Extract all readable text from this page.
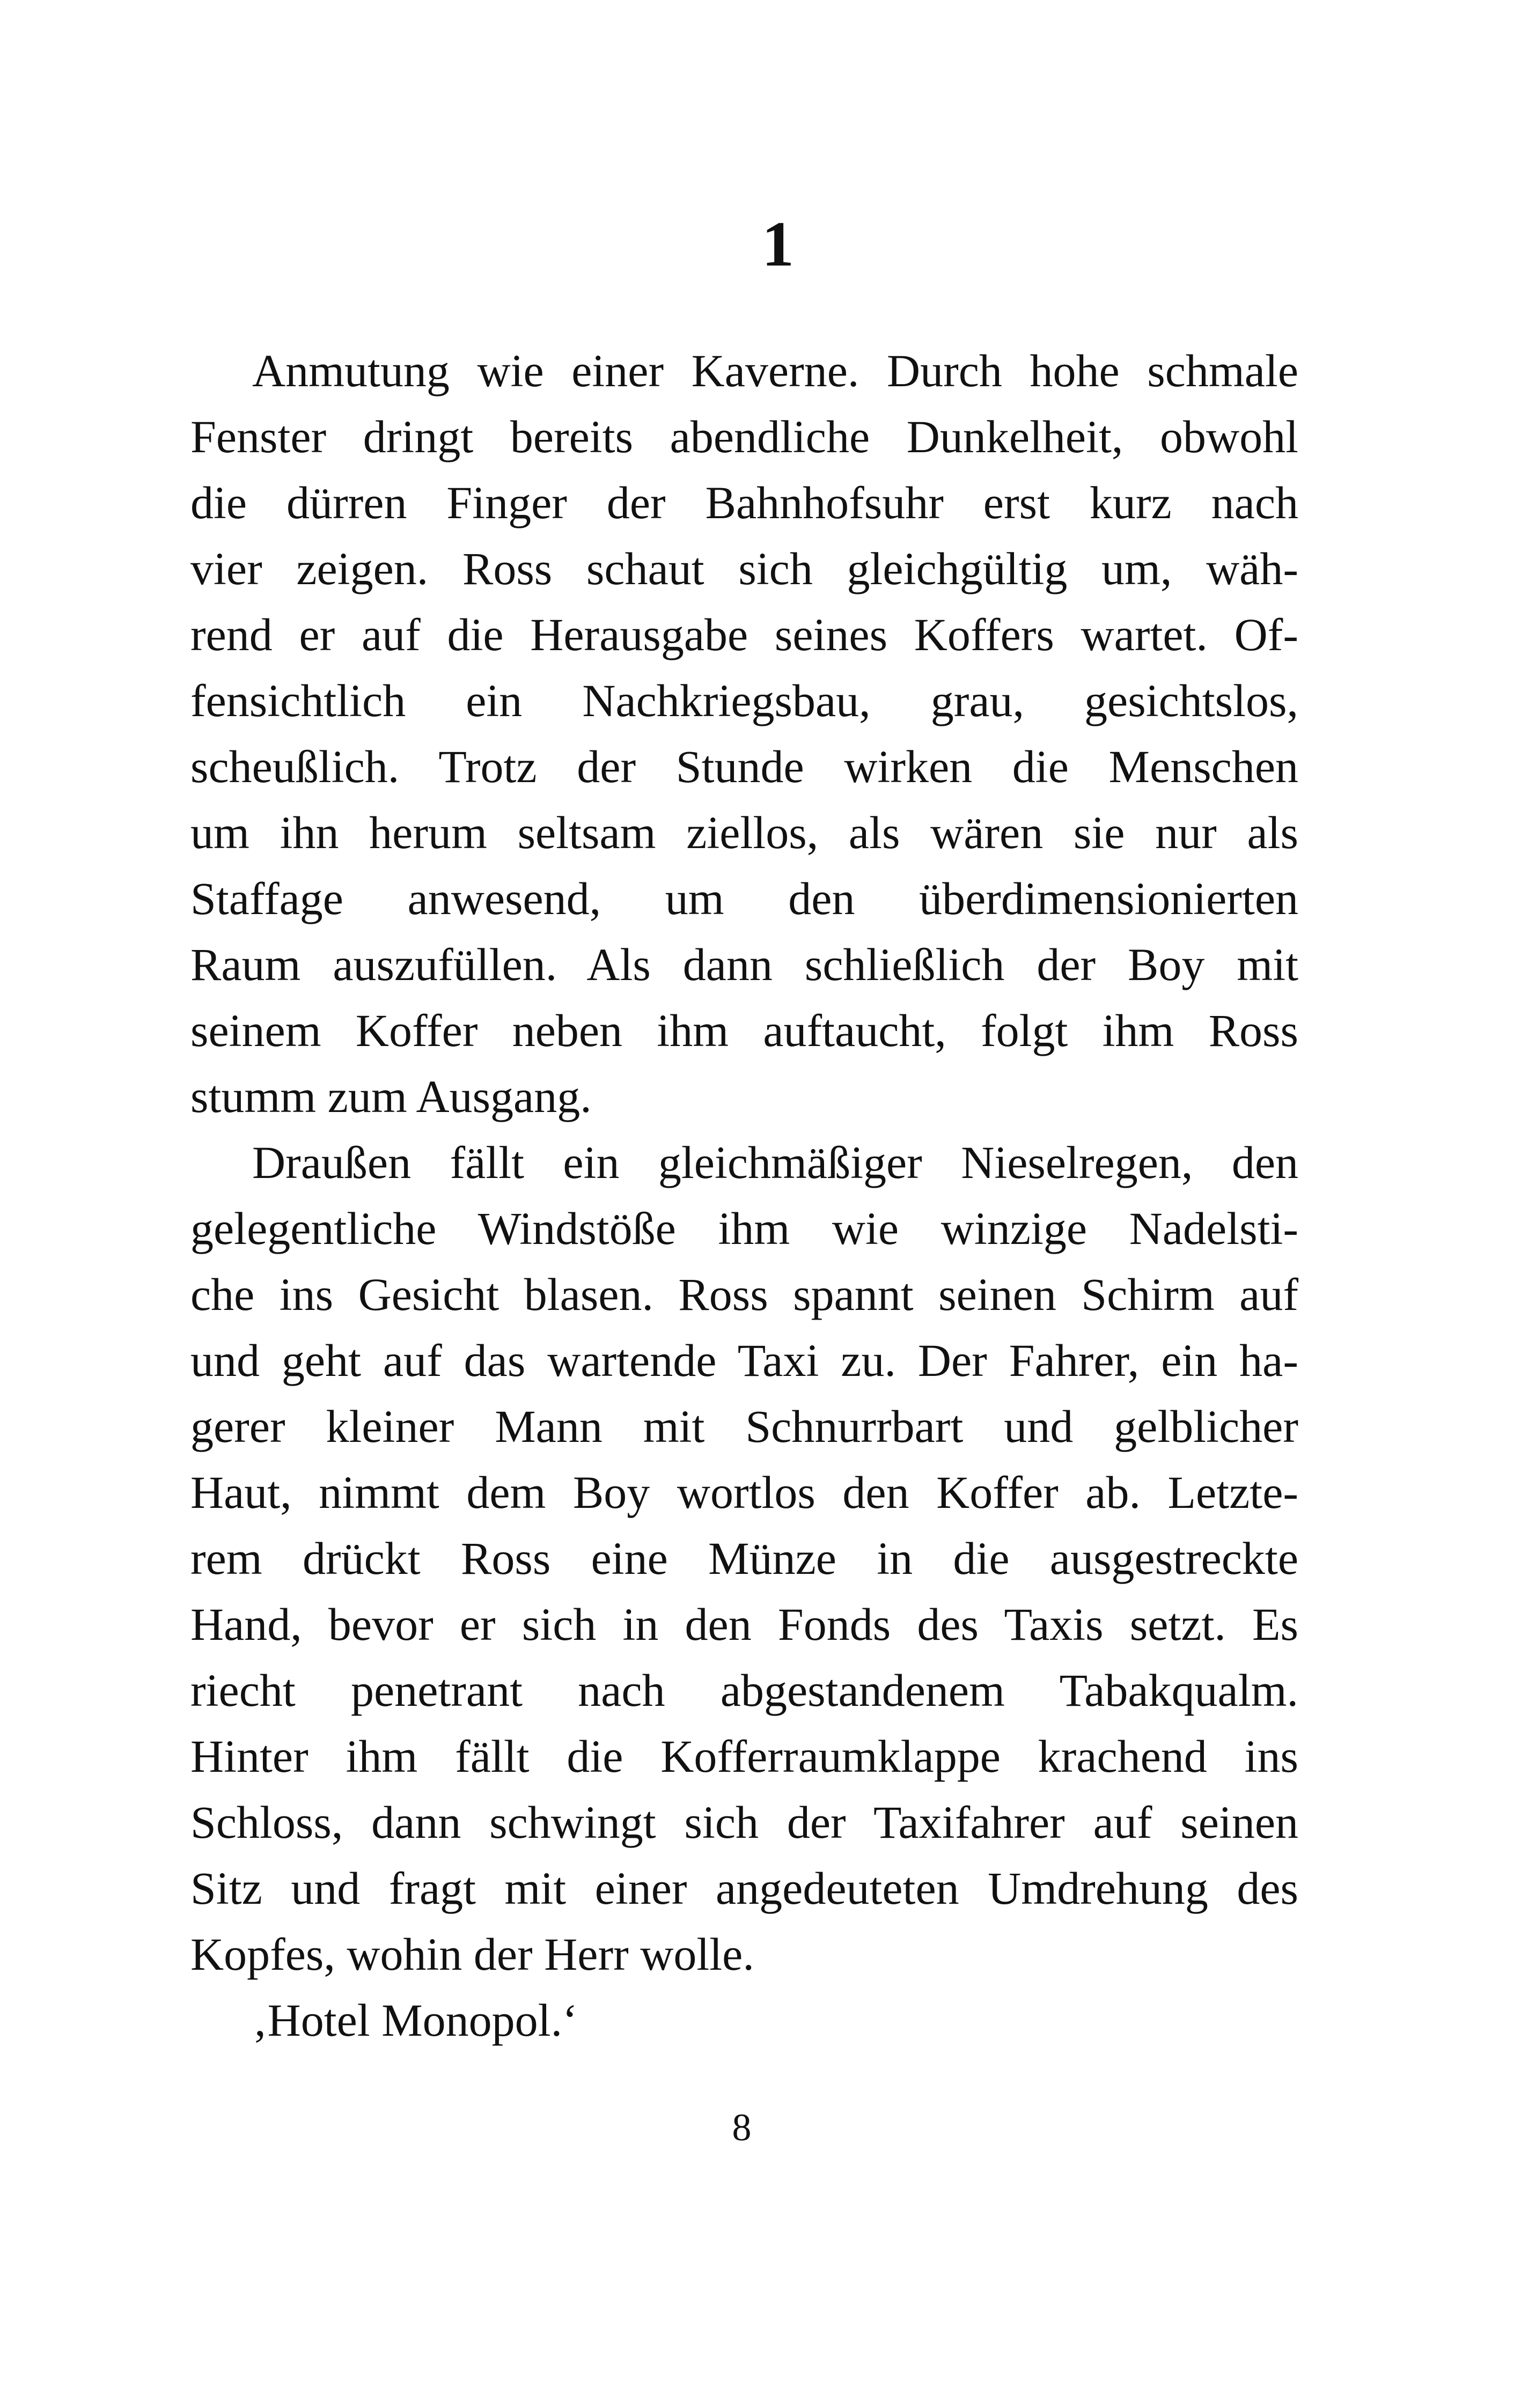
1
Anmutung wie einer Kaverne. Durch hohe schmale
Fenster dringt bereits abendliche Dunkelheit, obwohl
die dürren Finger der Bahnhofsuhr erst kurz nach
vier zeigen. Ross schaut sich gleichgültig um, wäh-
rend er auf die Herausgabe seines Koffers wartet. Of-
fensichtlich ein Nachkriegsbau, grau, gesichtslos,
scheußlich. Trotz der Stunde wirken die Menschen
um ihn herum seltsam ziellos, als wären sie nur als
Staffage anwesend, um den überdimensionierten
Raum auszufüllen. Als dann schließlich der Boy mit
seinem Koffer neben ihm auftaucht, folgt ihm Ross
stumm zum Ausgang.
Draußen fällt ein gleichmäßiger Nieselregen, den
gelegentliche Windstöße ihm wie winzige Nadelsti-
che ins Gesicht blasen. Ross spannt seinen Schirm auf
und geht auf das wartende Taxi zu. Der Fahrer, ein ha-
gerer kleiner Mann mit Schnurrbart und gelblicher
Haut, nimmt dem Boy wortlos den Koffer ab. Letzte-
rem drückt Ross eine Münze in die ausgestreckte
Hand, bevor er sich in den Fonds des Taxis setzt. Es
riecht penetrant nach abgestandenem Tabakqualm.
Hinter ihm fällt die Kofferraumklappe krachend ins
Schloss, dann schwingt sich der Taxifahrer auf seinen
Sitz und fragt mit einer angedeuteten Umdrehung des
Kopfes, wohin der Herr wolle.
‚Hotel Monopol.‘
8
